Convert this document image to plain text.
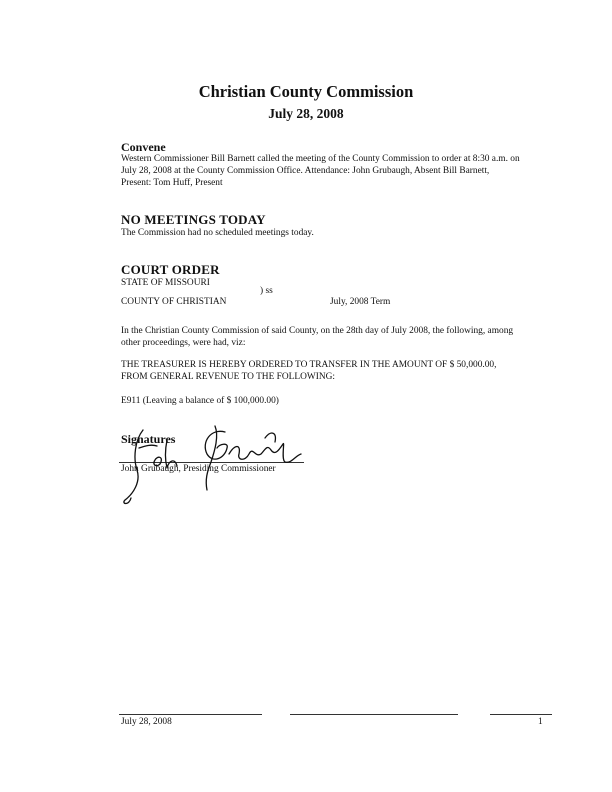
Christian County Commission
July 28, 2008
Convene
Western Commissioner Bill Barnett called the meeting of the County Commission to order at 8:30 a.m. on
July 28, 2008 at the County Commission Office. Attendance: John Grubaugh, Absent Bill Barnett,
Present: Tom Huff, Present
NO MEETINGS TODAY
The Commission had no scheduled meetings today.
COURT ORDER
STATE OF MISSOURI
) ss
COUNTY OF CHRISTIAN	July, 2008 Term
In the Christian County Commission of said County, on the 28th day of July 2008, the following, among
other proceedings, were had, viz:
THE TREASURER IS HEREBY ORDERED TO TRANSFER IN THE AMOUNT OF $ 50,000.00,
FROM GENERAL REVENUE TO THE FOLLOWING:
E911 (Leaving a balance of $ 100,000.00)
Signatures
John Grubaugh, Presiding Commissioner
July 28, 2008	1
